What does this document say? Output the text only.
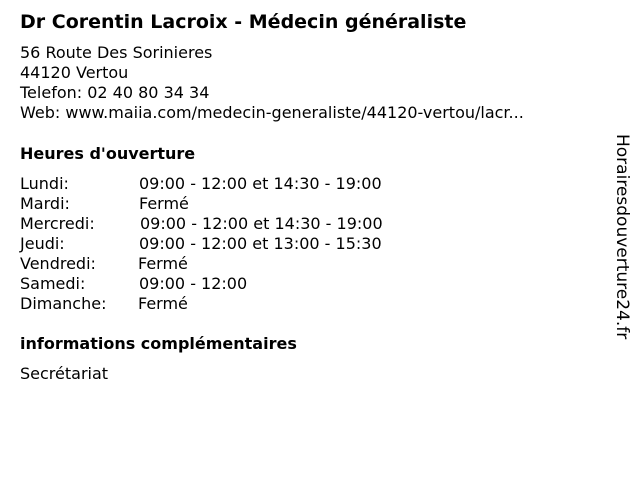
Dr Corentin Lacroix - Médecin généraliste
56 Route Des Sorinieres
44120 Vertou
Telefon: 02 40 80 34 34
Web: www.maiia.com/medecin-generaliste/44120-vertou/lacr...
Heures d'ouverture
Lundi:	09:00 - 12:00 et 14:30 - 19:00
Mardi:	Fermé
Mercredi:	09:00 - 12:00 et 14:30 - 19:00
Jeudi:	09:00 - 12:00 et 13:00 - 15:30
Vendredi:	Fermé
Samedi:	09:00 - 12:00
Dimanche: Fermé
informations complémentaires
Secrétariat
Horairesdouverture24.fr
